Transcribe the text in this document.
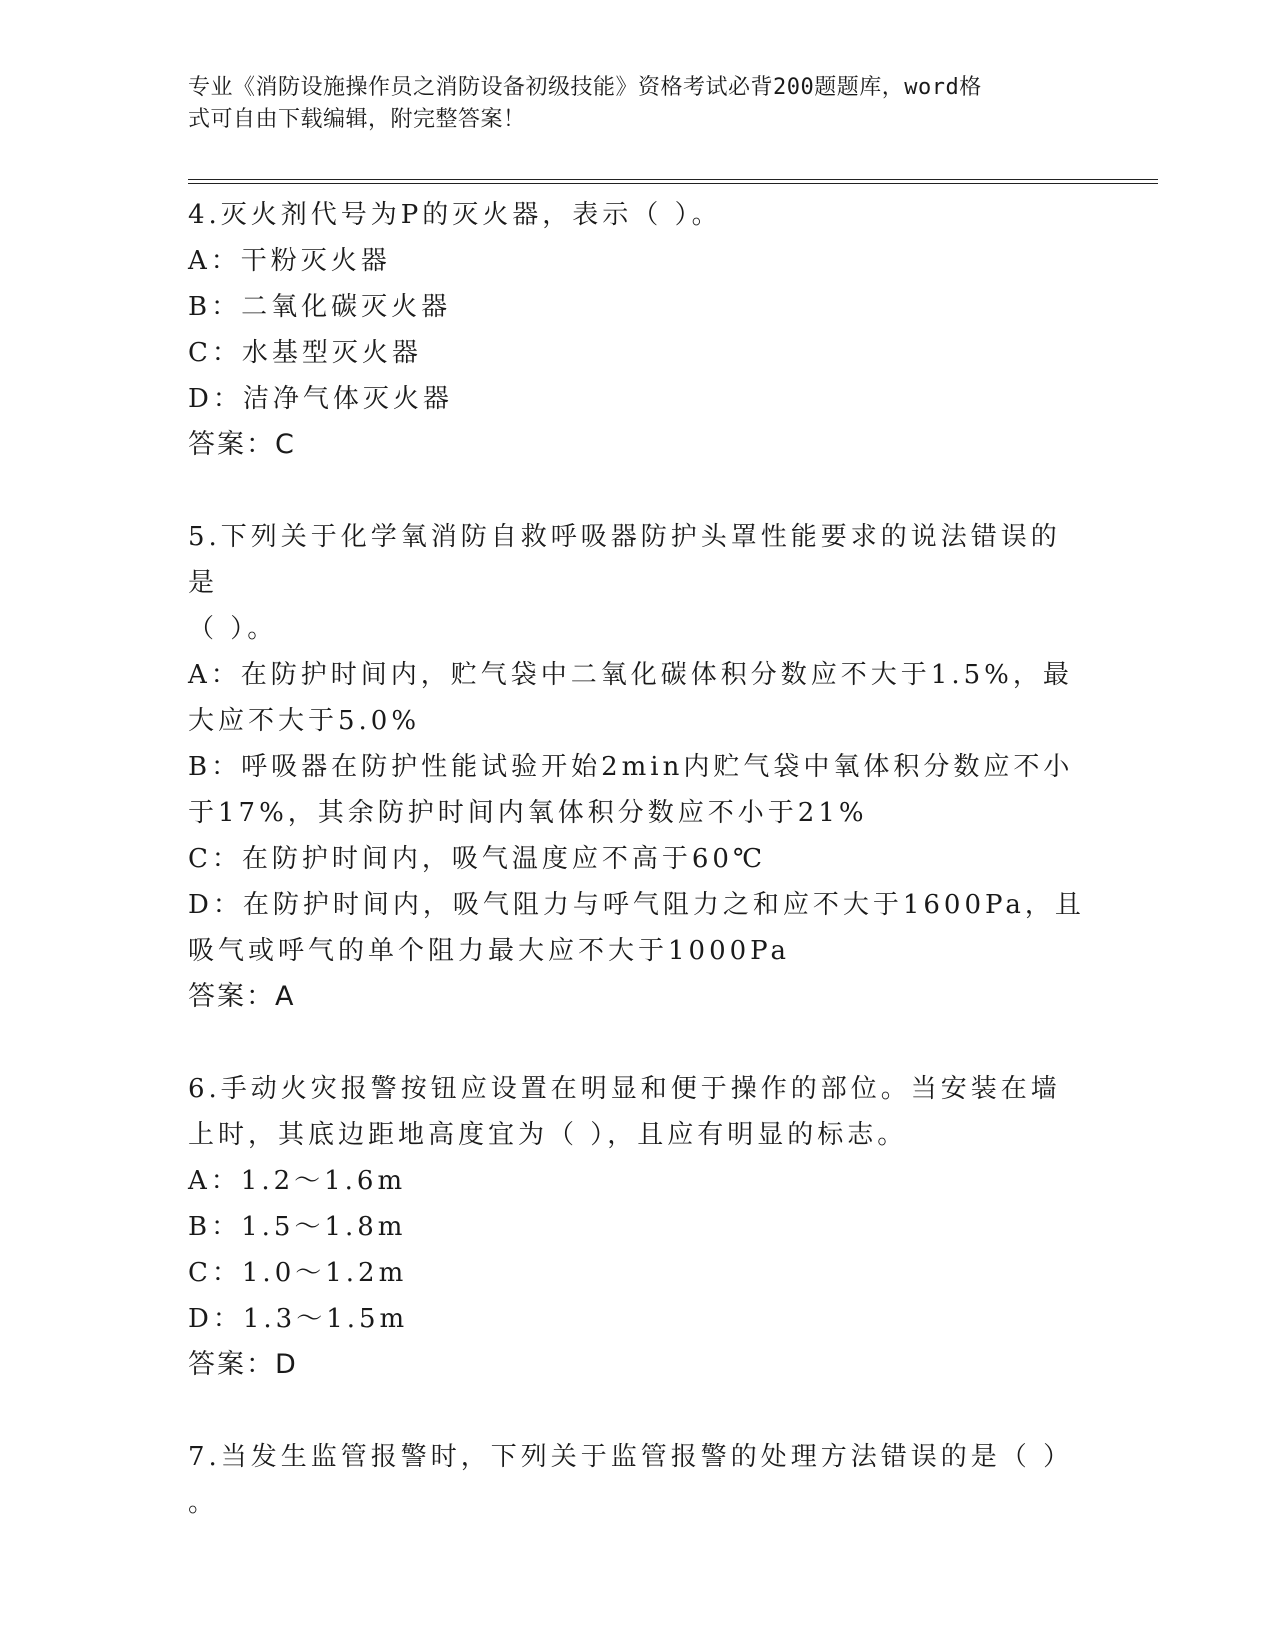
专业《消防设施操作员之消防设备初级技能》资格考试必背200题题库，word格
式可自由下载编辑，附完整答案！
4.灭火剂代号为P的灭火器，表示（ ）。
A：干粉灭火器
B：二氧化碳灭火器
C：水基型灭火器
D：洁净气体灭火器
答案：C
5.下列关于化学氧消防自救呼吸器防护头罩性能要求的说法错误的是
（ ）。
A：在防护时间内，贮气袋中二氧化碳体积分数应不大于1.5%，最大应不大于5.0%
B：呼吸器在防护性能试验开始2min内贮气袋中氧体积分数应不小于17%，其余防护时间内氧体积分数应不小于21%
C：在防护时间内，吸气温度应不高于60℃
D：在防护时间内，吸气阻力与呼气阻力之和应不大于1600Pa，且吸气或呼气的单个阻力最大应不大于1000Pa
答案：A
6.手动火灾报警按钮应设置在明显和便于操作的部位。当安装在墙上时，其底边距地高度宜为（ ），且应有明显的标志。
A：1.2～1.6m
B：1.5～1.8m
C：1.0～1.2m
D：1.3～1.5m
答案：D
7.当发生监管报警时，下列关于监管报警的处理方法错误的是（ ）
。
